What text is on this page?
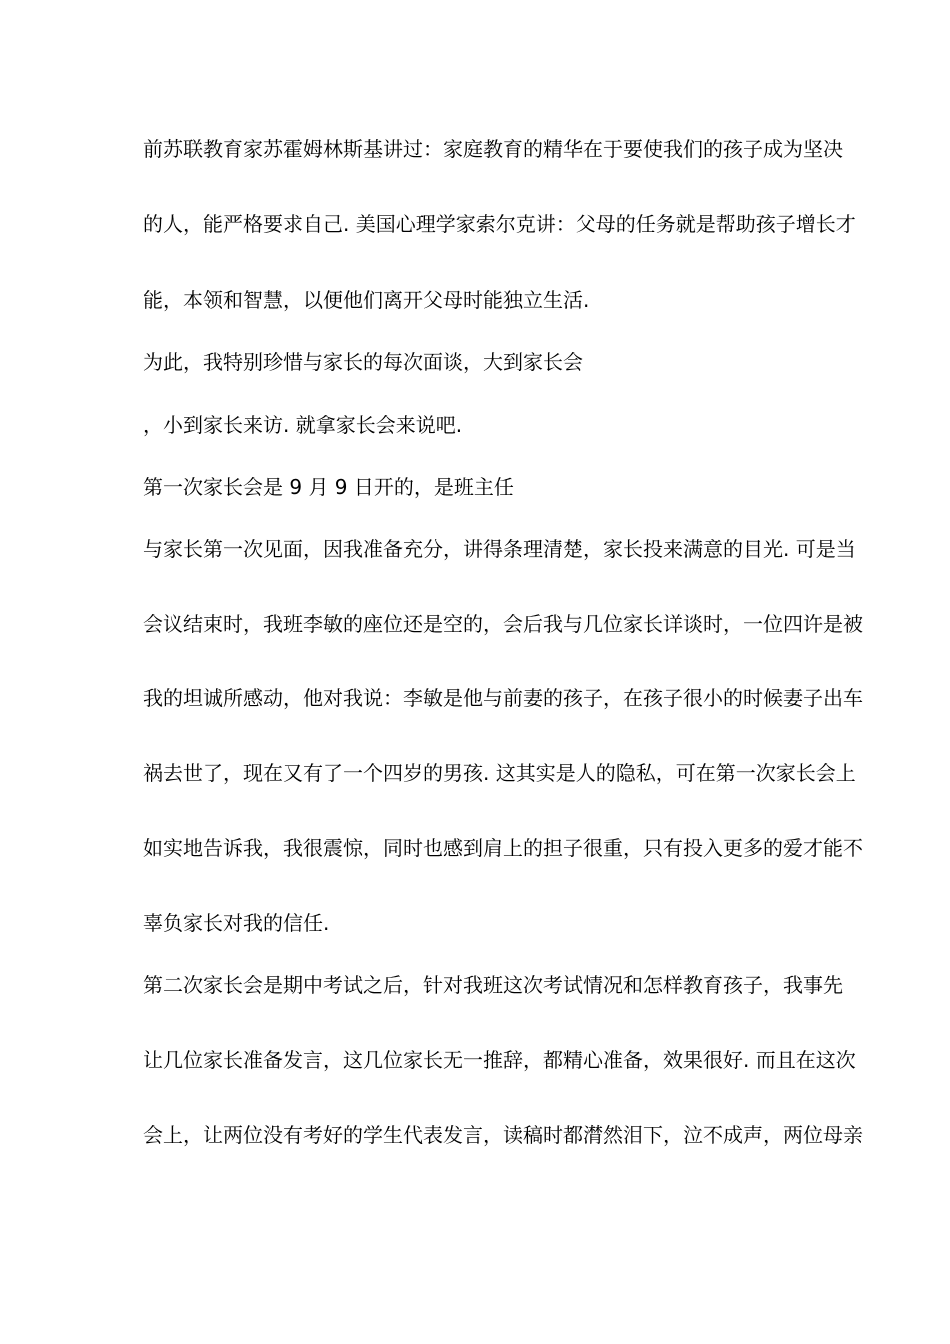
前苏联教育家苏霍姆林斯基讲过：家庭教育的精华在于要使我们的孩子成为坚决

的人，能严格要求自己. 美国心理学家索尔克讲：父母的任务就是帮助孩子增长才

能，本领和智慧，以便他们离开父母时能独立生活.

为此，我特别珍惜与家长的每次面谈，大到家长会

，小到家长来访. 就拿家长会来说吧.

第一次家长会是 9 月 9 日开的，是班主任

与家长第一次见面，因我准备充分，讲得条理清楚，家长投来满意的目光. 可是当

会议结束时，我班李敏的座位还是空的，会后我与几位家长详谈时，一位四许是被

我的坦诚所感动，他对我说：李敏是他与前妻的孩子，在孩子很小的时候妻子出车

祸去世了，现在又有了一个四岁的男孩. 这其实是人的隐私，可在第一次家长会上

如实地告诉我，我很震惊，同时也感到肩上的担子很重，只有投入更多的爱才能不

辜负家长对我的信任.

第二次家长会是期中考试之后，针对我班这次考试情况和怎样教育孩子，我事先

让几位家长准备发言，这几位家长无一推辞，都精心准备，效果很好. 而且在这次

会上，让两位没有考好的学生代表发言，读稿时都潸然泪下，泣不成声，两位母亲
